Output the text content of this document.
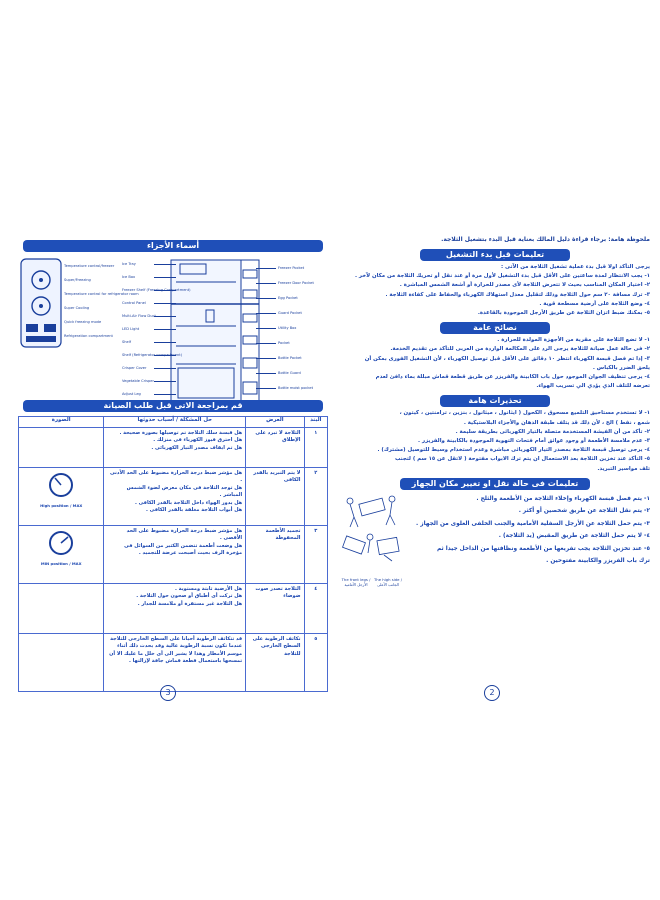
ملحوظة هامة: برجاء قراءة دليل المالك بعناية قبل البدء بتشغيل الثلاجة.
تعليمات قبل بدء التشغيل
يرجى التأكد اولا قبل بدء عملية تشغيل الثلاجة من الآتى :
١- يجب الانتظار لمدة ساعتين على الأقل قبل بدء التشغيل لأول مرة أو عند نقل أو تحريك الثلاجة من مكان لآخر .
٢- اختيار المكان المناسب بحيث لا تتعرض الثلاجة لأى مصدر للحرارة أو أشعة الشمس المباشرة .
٣- ترك مسافة ٢٠ سم حول الثلاجة وذلك لتقليل معدل استهلاك الكهرباء والحفاظ على كفاءة الثلاجة .
٤- وضع الثلاجة على أرضية مسطحة قوية .
٥- بمكنك ضبط اتزان الثلاجة عن طريق الأرجل الموجودة بالقاعدة.
نصائح عامة
١- لا تضع الثلاجة على مقربة من الأجهزة المولدة للحرارة .
٢- فى حالة عمل صيانة للثلاجة يرجى الرد على المكالمة الواردة من العربى للتأكد من تقديم الخدمة.
٣- إذا تم فصل قبسة الكهرباء انتظر ١٠ دقائق على الأقل قبل توصيل الكهرباء ، لأن التشغيل الفورى بمكن أن
يلحق الضرر بالكباس .
٤- يرجى تنظيف الجوان الموجود حول باب الكابينة والفريزر عن طريق قطعة قماش مبللة بماء دافئ لعدم
تعرضه للتلف الذي يؤدي الي تسريب الهواء.
تحذيرات هامة
١- لا تستخدم مستاحيق التلميع مسحوق ، الكحول ( ايثانول ، ميثانول ، بنزين ، ترامنتين ، كيتون ،
شمع ، نفط ) الخ ، لأن ذلك قد يتلف طبقة الدهان والأجزاء البلاستيكية .
٢- تأكد من أن الفيشة المستخدمة متصلة بالتيار الكهربائى بطريقة سليمة .
٣- عدم ملامسة الأطعمة أو وجود عوائق أمام فتحات التهوية الموجودة بالكابينة والفريزر .
٤- يرجى توصيل قبسة الثلاجة بمصدر التيار الكهربائى مباشرة وعدم استخدام وسيط للتوصيل (مشترك) .
٥- التأكد عند تخزين الثلاجة بعد الاستعمال ان يتم ترك الابواب مفتوحة ( لاتقل عن ١٥ سم ) لتجنب
تلف مواسير التبريد.
تعليمات فى حالة نقل او تغيير مكان الجهاز
١- يتم فصل قبسة الكهرباء وإخلاء الثلاجة من الأطعمة والثلج .
٢- يتم نقل الثلاجة عن طريق شخصين أو أكثر .
٣- يتم حمل الثلاجة عن الأرجل السفلية الأمامية والجنب الخلفى العلوى من الجهاز .
٤- لا يتم حمل الثلاجة عن طريق المقبض (يد الثلاجة) .
٥- عند تخزين الثلاجة يجب تفريغها من الأطعمة ونظافتها من الداخل جيدا ثم
ترك باب الفريزر والكابينة مفتوحين .
The front legs / الأرجل الأمامية
The high side / الجانب الأعلى
أسماء الأجزاء
Temperature control/freezer
Super/Freezing
Temperature control for refrigerator room
Super Cooling
Quick freezing mode
Refrigeration compartment
Ice Tray
Ice Box
Freezer Shelf (Freezing Compartment)
Control Panel
Multi-Air Flow Duct
LED Light
Shelf
Shelf (Refrigerator compartment)
Crisper Cover
Vegetable Crisper
Adjust Leg
Freezer Pocket
Freezer Door Pocket
Egg Pocket
Guard Pocket
Utility Box
Pocket
Bottle Pocket
Bottle Guard
Bottle moist pocket
قم بمراجعة الاتى قبل طلب الصيانة
البند	العرض	حل المشكلة / أسباب حدوثها	الصورة
١	الثلاجة لا تبرد على الإطلاق	هل قبسة سلك الثلاجة تم توصيلها بصورة صحيحة .
هل احترق فيوز الكهرباء فى منزلك .
هل تم ايقاف مصدر التيار الكهربائى .	

٢	لا يتم التبريد بالقدر الكافى	هل مؤشر ضبط درجة الحرارة مضبوط على الحد الأدنى .
هل توجد الثلاجة فى مكان معرض لضوء الشمس المباشر .
هل يدور الهواء داخل الثلاجة بالقدر الكافى .
هل أبواب الثلاجة مغلقة بالقدر الكافى .	High position / MAX

٣	تجميد الأطعمة المحفوظة	هل مؤشر ضبط درجة الحرارة مضبوط على الحد الأقصى .
هل وضعت أطعمة تتضمن الكثير من السوائل فى مؤخرة الرف بحيث أصبحت عرضة للتجميد .	MIN position / MAX

٤	الثلاجة تصدر صوت ضوضاء	هل الأرضية ثابتة ومستوية .
هل تركت أى أطباق أو صحون حول الثلاجة .
هل الثلاجة غير مستقرة أو ملامسة للجدار .	

٥	تكاثف الرطوبة على السطح الخارجى للثلاجة	قد تتكاثف الرطوبة أحيانا على السطح الخارجى للثلاجة عندما تكون نسبة الرطوبة عالية وقد يحدث ذلك أثناء موسم الأمطار وهذا لا يشير الى أى خلل ما عليك الا أن تمسحها باستعمال قطعة قماش جافة لإزالتها .	

3	2
